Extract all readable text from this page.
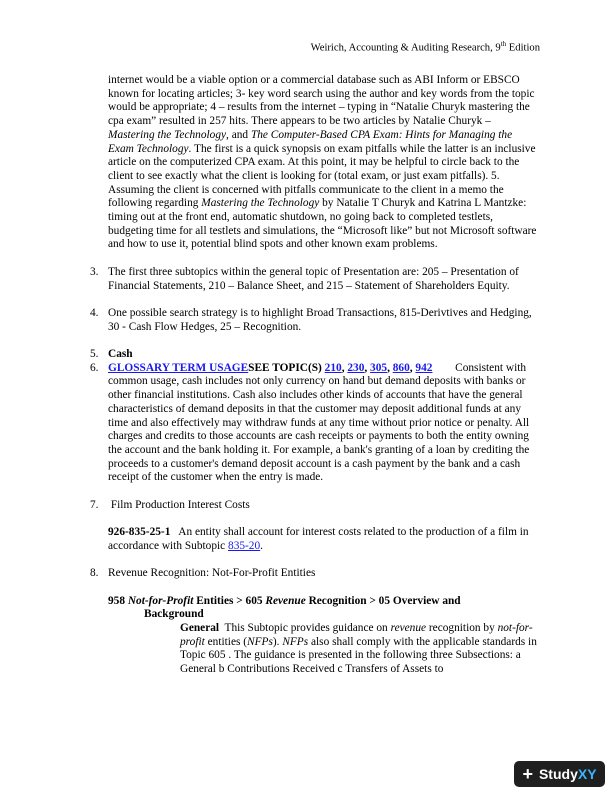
Weirich, Accounting & Auditing Research, 9th Edition

internet would be a viable option or a commercial database such as ABI Inform or EBSCO known for locating articles; 3- key word search using the author and key words from the topic would be appropriate; 4 – results from the internet – typing in “Natalie Churyk mastering the cpa exam” resulted in 257 hits. There appears to be two articles by Natalie Churyk – Mastering the Technology, and The Computer-Based CPA Exam: Hints for Managing the Exam Technology. The first is a quick synopsis on exam pitfalls while the latter is an inclusive article on the computerized CPA exam. At this point, it may be helpful to circle back to the client to see exactly what the client is looking for (total exam, or just exam pitfalls). 5. Assuming the client is concerned with pitfalls communicate to the client in a memo the following regarding Mastering the Technology by Natalie T Churyk and Katrina L Mantzke: timing out at the front end, automatic shutdown, no going back to completed testlets, budgeting time for all testlets and simulations, the “Microsoft like” but not Microsoft software and how to use it, potential blind spots and other known exam problems.

3. The first three subtopics within the general topic of Presentation are: 205 – Presentation of Financial Statements, 210 – Balance Sheet, and 215 – Statement of Shareholders Equity.

4. One possible search strategy is to highlight Broad Transactions, 815-Derivtives and Hedging, 30 - Cash Flow Hedges, 25 – Recognition.

5. Cash

6. GLOSSARY TERM USAGESEE TOPIC(S) 210, 230, 305, 860, 942        Consistent with common usage, cash includes not only currency on hand but demand deposits with banks or other financial institutions. Cash also includes other kinds of accounts that have the general characteristics of demand deposits in that the customer may deposit additional funds at any time and also effectively may withdraw funds at any time without prior notice or penalty. All charges and credits to those accounts are cash receipts or payments to both the entity owning the account and the bank holding it. For example, a bank's granting of a loan by crediting the proceeds to a customer's demand deposit account is a cash payment by the bank and a cash receipt of the customer when the entry is made.

7. Film Production Interest Costs

926-835-25-1   An entity shall account for interest costs related to the production of a film in accordance with Subtopic 835-20.

8. Revenue Recognition: Not-For-Profit Entities

958 Not-for-Profit Entities > 605 Revenue Recognition > 05 Overview and

Background

General  This Subtopic provides guidance on revenue recognition by not-for-profit entities (NFPs). NFPs also shall comply with the applicable standards in Topic 605 . The guidance is presented in the following three Subsections: a General b Contributions Received c Transfers of Assets to

+ Study XY
